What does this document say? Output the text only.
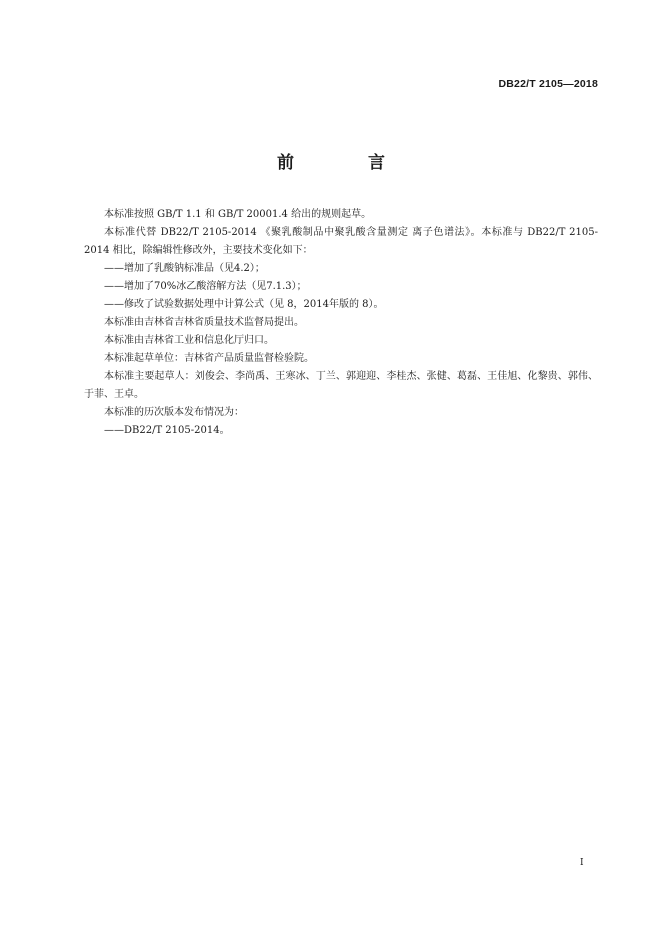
DB22/T 2105—2018
前 言

本标准按照 GB/T 1.1 和 GB/T 20001.4 给出的规则起草。

本标准代替 DB22/T 2105-2014 《聚乳酸制品中聚乳酸含量测定 离子色谱法》。本标准与 DB22/T 2105-2014 相比，除编辑性修改外，主要技术变化如下：

——增加了乳酸钠标准品（见4.2）；

——增加了70%冰乙酸溶解方法（见7.1.3）；

——修改了试验数据处理中计算公式（见 8，2014年版的 8）。

本标准由吉林省吉林省质量技术监督局提出。

本标准由吉林省工业和信息化厅归口。

本标准起草单位：吉林省产品质量监督检验院。

本标准主要起草人：刘俊会、李尚禹、王寒冰、丁兰、郭迎迎、李桂杰、张健、葛磊、王佳旭、化黎贵、郭伟、于菲、王卓。

本标准的历次版本发布情况为：

——DB22/T 2105-2014。

I
